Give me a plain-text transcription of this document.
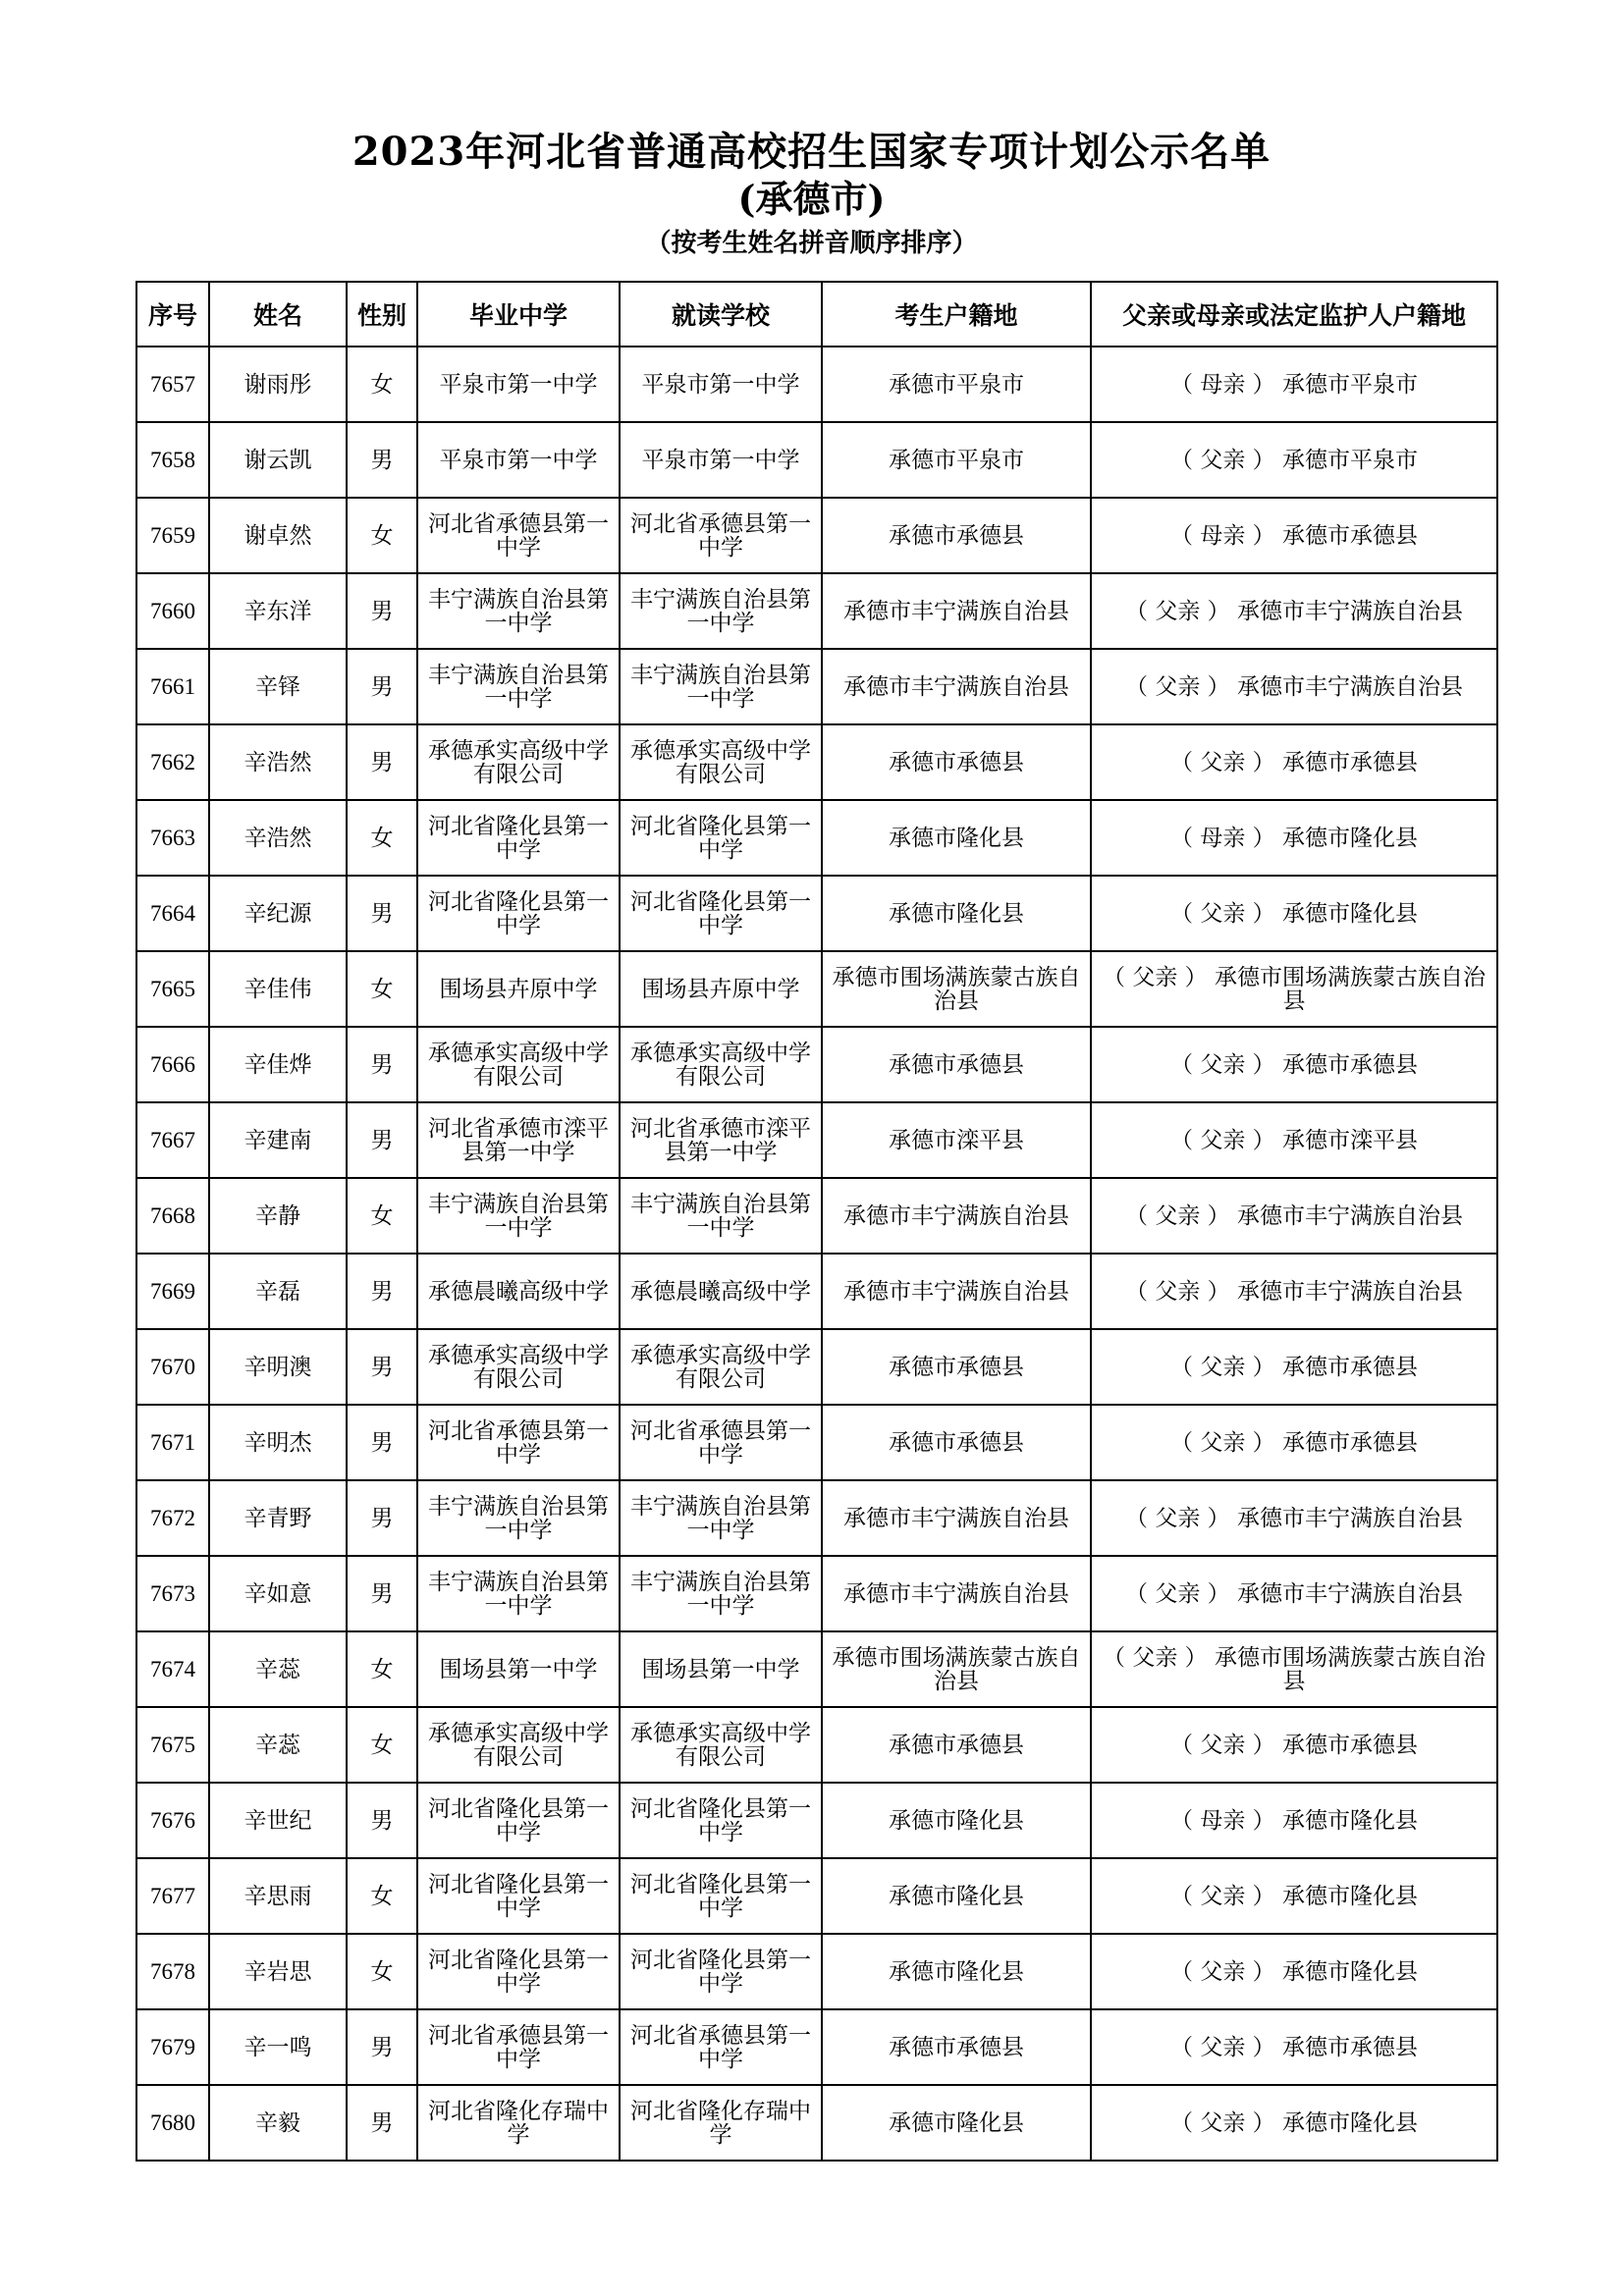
2023年河北省普通高校招生国家专项计划公示名单
(承德市)
（按考生姓名拼音顺序排序）
序号	姓名	性别	毕业中学	就读学校	考生户籍地	父亲或母亲或法定监护人户籍地
7657	谢雨彤	女	平泉市第一中学	平泉市第一中学	承德市平泉市	（ 母亲 ） 承德市平泉市
7658	谢云凯	男	平泉市第一中学	平泉市第一中学	承德市平泉市	（ 父亲 ） 承德市平泉市
7659	谢卓然	女	河北省承德县第一中学	河北省承德县第一中学	承德市承德县	（ 母亲 ） 承德市承德县
7660	辛东洋	男	丰宁满族自治县第一中学	丰宁满族自治县第一中学	承德市丰宁满族自治县	（ 父亲 ） 承德市丰宁满族自治县
7661	辛铎	男	丰宁满族自治县第一中学	丰宁满族自治县第一中学	承德市丰宁满族自治县	（ 父亲 ） 承德市丰宁满族自治县
7662	辛浩然	男	承德承实高级中学有限公司	承德承实高级中学有限公司	承德市承德县	（ 父亲 ） 承德市承德县
7663	辛浩然	女	河北省隆化县第一中学	河北省隆化县第一中学	承德市隆化县	（ 母亲 ） 承德市隆化县
7664	辛纪源	男	河北省隆化县第一中学	河北省隆化县第一中学	承德市隆化县	（ 父亲 ） 承德市隆化县
7665	辛佳伟	女	围场县卉原中学	围场县卉原中学	承德市围场满族蒙古族自治县	（ 父亲 ） 承德市围场满族蒙古族自治县
7666	辛佳烨	男	承德承实高级中学有限公司	承德承实高级中学有限公司	承德市承德县	（ 父亲 ） 承德市承德县
7667	辛建南	男	河北省承德市滦平县第一中学	河北省承德市滦平县第一中学	承德市滦平县	（ 父亲 ） 承德市滦平县
7668	辛静	女	丰宁满族自治县第一中学	丰宁满族自治县第一中学	承德市丰宁满族自治县	（ 父亲 ） 承德市丰宁满族自治县
7669	辛磊	男	承德晨曦高级中学	承德晨曦高级中学	承德市丰宁满族自治县	（ 父亲 ） 承德市丰宁满族自治县
7670	辛明澳	男	承德承实高级中学有限公司	承德承实高级中学有限公司	承德市承德县	（ 父亲 ） 承德市承德县
7671	辛明杰	男	河北省承德县第一中学	河北省承德县第一中学	承德市承德县	（ 父亲 ） 承德市承德县
7672	辛青野	男	丰宁满族自治县第一中学	丰宁满族自治县第一中学	承德市丰宁满族自治县	（ 父亲 ） 承德市丰宁满族自治县
7673	辛如意	男	丰宁满族自治县第一中学	丰宁满族自治县第一中学	承德市丰宁满族自治县	（ 父亲 ） 承德市丰宁满族自治县
7674	辛蕊	女	围场县第一中学	围场县第一中学	承德市围场满族蒙古族自治县	（ 父亲 ） 承德市围场满族蒙古族自治县
7675	辛蕊	女	承德承实高级中学有限公司	承德承实高级中学有限公司	承德市承德县	（ 父亲 ） 承德市承德县
7676	辛世纪	男	河北省隆化县第一中学	河北省隆化县第一中学	承德市隆化县	（ 母亲 ） 承德市隆化县
7677	辛思雨	女	河北省隆化县第一中学	河北省隆化县第一中学	承德市隆化县	（ 父亲 ） 承德市隆化县
7678	辛岩思	女	河北省隆化县第一中学	河北省隆化县第一中学	承德市隆化县	（ 父亲 ） 承德市隆化县
7679	辛一鸣	男	河北省承德县第一中学	河北省承德县第一中学	承德市承德县	（ 父亲 ） 承德市承德县
7680	辛毅	男	河北省隆化存瑞中学	河北省隆化存瑞中学	承德市隆化县	（ 父亲 ） 承德市隆化县
